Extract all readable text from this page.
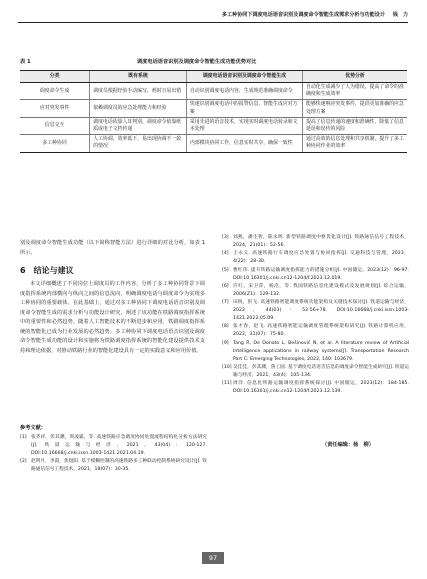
多工种协同下调度电话语音识别及调度命令智能生成需求分析与功能设计 钱　力
表 1	调度电话语音识别及调度命令智能生成功能优势对比
分类	既有系统	调度电话语音识别及调度命令智能生成	优势分析
调度命令生成	调度员根据经验手动编写，耗时且易出错	自动识别调度电话内容，生成规范准确调度命令	自动化生成减少了人为错误，提高了命令的准确度和生成效率
应对突发事件	依赖调度员的应急处理能力和经验	快速识别调度电话中的报警信息，智能生成应对方案	能够快速响应突发事件，提供更加准确的应急处理方案
信息交互	调度电话依靠人耳判别，调度命令依靠纸质或电子文档传递	采用先进的语音技术，实现实时调度电话转录和文本处理	提高了信息传递的速度和准确性，降低了信息延误和误传的风险
多工种协同	人工协调，效率低下，易出现协调不一致的情况	内部模块协同工作，信息实时共享，确保一致性	通过高效的信息处理和共享机制，提升了多工种协同作业的效率
别及调度命令智能生成功能（以下简称智能方法）进行详细的对比分析，如表 1 所示。
6　结论与建议
本文详细概述了不同岗位上调度员的工作内容，分析了多工种协同背景下调度指挥系统内部横向与纵向之间的信息流向，明确调度电话与调度命令为实现多工种协同的重要载体。在此基础上，通过对多工种协同下调度电话语音识别及调度命令智能生成的需求分析与功能设计研究，阐述了该功能在铁路调度指挥系统中的重要性和必然趋势。随着人工智能技术的不断进步和应用，铁路调度指挥系统的智能化已成为行业发展的必然趋势。多工种协同下调度电话语音识别及调度命令智能生成功能的设计和实施将为铁路调度指挥系统的智能化建设提供技术支持和理论依据，对推动铁路行业的智能化建设具有一定的实践意义和应用价值。
参考文献：
[1] 张齐祥，彭其渊，周凌霜，等. 高速铁路应急调度协同处置流程结构化分析方法研究[J]. 铁道运输与经济，2021，43(04)：120-127. DOI:10.16668/j.cnki.issn.1003-1421.2021.04.19.
[2] 赵明月，李霞，焦煜阳. 基于模糊控制的高速铁路多工种联动控制系统研究设计[J]. 铁路通信信号工程技术，2021，18(07)：30-35.
[3] 刘燕，潘生智，陈永明. 新型铁路调度中枢优化设计[J]. 铁路通信信号工程技术，2024，21(01)：52-56.
[4] 王永义. 高速铁路行车调度应急处置与协同指挥[J]. 交通科技与管理，2023，4(22)：28-30.
[5] 曹红伟. 提升铁路运输调度指挥能力的措施分析[J]. 中国储运，2023(12)：96-97. DOI:10.16301/j.cnki.cn12-1204/f.2023.12.019.
[6] 许红，宋卫萍，杨浩，等. 我国铁路信息化建设模式及发展规划[J]. 综合运输，2006(Z1)：129-132.
[7] 田锐，彭飞. 高速铁路智能调度系统功能架构及关键技术探讨[J]. 铁道运输与经济，2022，44(03)：52-56+78. DOI:10.16668/j.cnki.issn.1003-1421.2022.05.09.
[8] 张才春，赵飞. 高速铁路智能运输调度管理系统架构研究[J]. 铁路计算机应用，2022，31(07)：75-80.
[9] Tang R, De Donato L, Bešinović N, et al. A literature review of Artificial Intelligence applications in railway systems[J]. Transportation Research Part C: Emerging Technologies, 2022, 140: 103679.
[10] 吴佳佳，彭其渊，鲁工圆. 基于调度电话语音信息的调度命令智能生成研究[J]. 铁道运输与经济，2021，43(4)：105-134.
[11] 周洋. 信息化铁路运输调度指挥系统探讨[J]. 中国储运，2023(12)：184-185. DOI:10.16301/j.cnki.cn12-1204/f.2023.12.139.
（责任编辑：杨　柳）
97
